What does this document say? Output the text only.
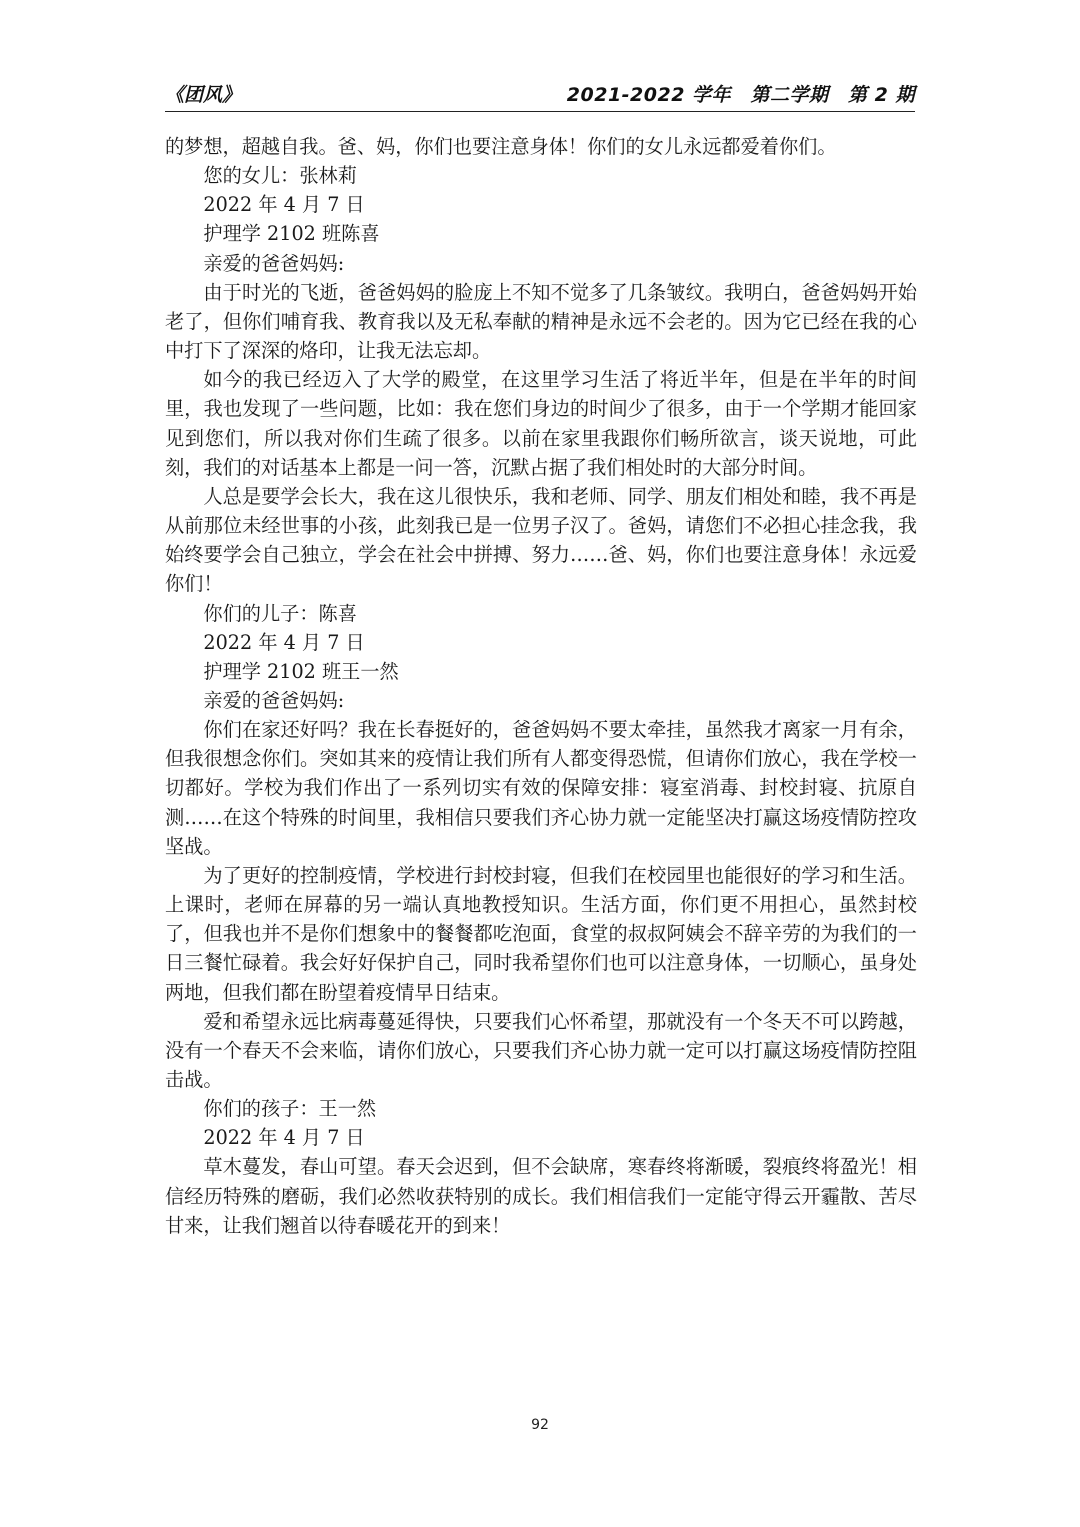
《团风》	2021-2022 学年　第二学期　第 2 期

的梦想，超越自我。爸、妈，你们也要注意身体！你们的女儿永远都爱着你们。

您的女儿：张林莉

2022 年 4 月 7 日

护理学 2102 班陈喜

亲爱的爸爸妈妈:

由于时光的飞逝，爸爸妈妈的脸庞上不知不觉多了几条皱纹。我明白，爸爸妈妈开始老了，但你们哺育我、教育我以及无私奉献的精神是永远不会老的。因为它已经在我的心中打下了深深的烙印，让我无法忘却。

如今的我已经迈入了大学的殿堂，在这里学习生活了将近半年，但是在半年的时间里，我也发现了一些问题，比如：我在您们身边的时间少了很多，由于一个学期才能回家见到您们，所以我对你们生疏了很多。以前在家里我跟你们畅所欲言，谈天说地，可此刻，我们的对话基本上都是一问一答，沉默占据了我们相处时的大部分时间。

人总是要学会长大，我在这儿很快乐，我和老师、同学、朋友们相处和睦，我不再是从前那位未经世事的小孩，此刻我已是一位男子汉了。爸妈，请您们不必担心挂念我，我始终要学会自己独立，学会在社会中拼搏、努力……爸、妈，你们也要注意身体！永远爱你们！

你们的儿子：陈喜

2022 年 4 月 7 日

护理学 2102 班王一然

亲爱的爸爸妈妈:

你们在家还好吗？我在长春挺好的，爸爸妈妈不要太牵挂，虽然我才离家一月有余，但我很想念你们。突如其来的疫情让我们所有人都变得恐慌，但请你们放心，我在学校一切都好。学校为我们作出了一系列切实有效的保障安排：寝室消毒、封校封寝、抗原自测……在这个特殊的时间里，我相信只要我们齐心协力就一定能坚决打赢这场疫情防控攻坚战。

为了更好的控制疫情，学校进行封校封寝，但我们在校园里也能很好的学习和生活。上课时，老师在屏幕的另一端认真地教授知识。生活方面，你们更不用担心，虽然封校了，但我也并不是你们想象中的餐餐都吃泡面，食堂的叔叔阿姨会不辞辛劳的为我们的一日三餐忙碌着。我会好好保护自己，同时我希望你们也可以注意身体，一切顺心，虽身处两地，但我们都在盼望着疫情早日结束。

爱和希望永远比病毒蔓延得快，只要我们心怀希望，那就没有一个冬天不可以跨越，没有一个春天不会来临，请你们放心，只要我们齐心协力就一定可以打赢这场疫情防控阻击战。

你们的孩子：王一然

2022 年 4 月 7 日

草木蔓发，春山可望。春天会迟到，但不会缺席，寒春终将渐暖，裂痕终将盈光！相信经历特殊的磨砺，我们必然收获特别的成长。我们相信我们一定能守得云开霾散、苦尽甘来，让我们翘首以待春暖花开的到来！

92
